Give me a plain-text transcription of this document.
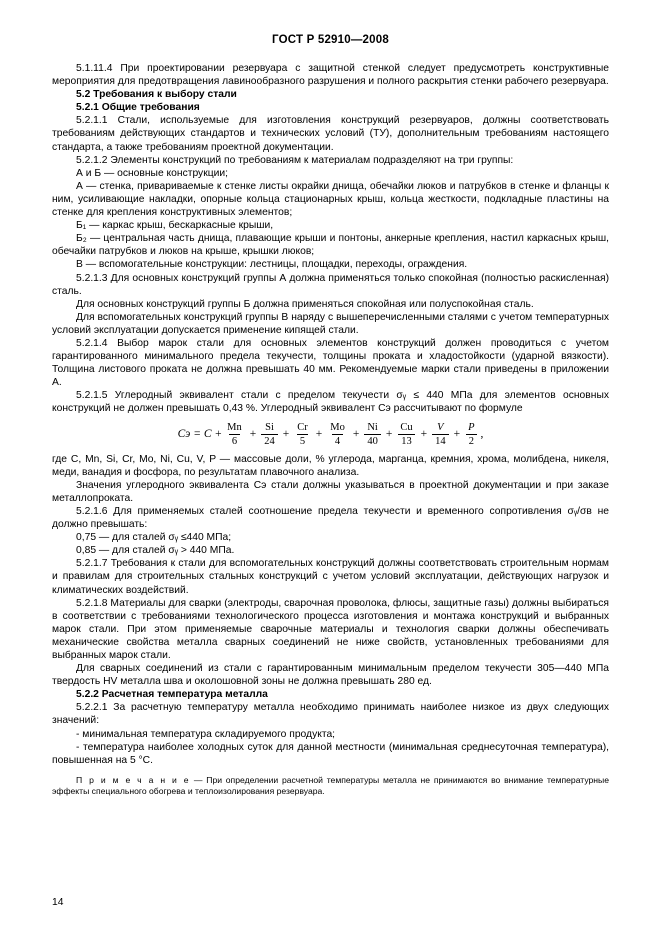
ГОСТ Р 52910—2008

5.1.11.4 При проектировании резервуара с защитной стенкой следует предусмотреть конструктивные мероприятия для предотвращения лавинообразного разрушения и полного раскрытия стенки рабочего резервуара.

5.2 Требования к выбору стали
5.2.1 Общие требования

5.2.1.1 Стали, используемые для изготовления конструкций резервуаров, должны соответствовать требованиям действующих стандартов и технических условий (ТУ), дополнительным требованиям настоящего стандарта, а также требованиям проектной документации.

5.2.1.2 Элементы конструкций по требованиям к материалам подразделяют на три группы:

А и Б — основные конструкции;

А — стенка, привариваемые к стенке листы окрайки днища, обечайки люков и патрубков в стенке и фланцы к ним, усиливающие накладки, опорные кольца стационарных крыш, кольца жесткости, подкладные пластины на стенке для крепления конструктивных элементов;

Б₁ — каркас крыш, бескаркасные крыши,

Б₂ — центральная часть днища, плавающие крыши и понтоны, анкерные крепления, настил каркасных крыш, обечайки патрубков и люков на крыше, крышки люков;

В — вспомогательные конструкции: лестницы, площадки, переходы, ограждения.

5.2.1.3 Для основных конструкций группы А должна применяться только спокойная (полностью раскисленная) сталь.

Для основных конструкций группы Б должна применяться спокойная или полуспокойная сталь.

Для вспомогательных конструкций группы В наряду с вышеперечисленными сталями с учетом температурных условий эксплуатации допускается применение кипящей стали.

5.2.1.4 Выбор марок стали для основных элементов конструкций должен проводиться с учетом гарантированного минимального предела текучести, толщины проката и хладостойкости (ударной вязкости). Толщина листового проката не должна превышать 40 мм. Рекомендуемые марки стали приведены в приложении А.

5.2.1.5 Углеродный эквивалент стали с пределом текучести σᵧ ≤ 440 МПа для элементов основных конструкций не должен превышать 0,43 %. Углеродный эквивалент Cэ рассчитывают по формуле

Cэ = $C + \frac{Mn}{6} + \frac{Si}{24} + \frac{Cr}{5} + \frac{Mo}{4} + \frac{Ni}{40} + \frac{Cu}{13} + \frac{V}{14} + \frac{P}{2}$ ,

где C, Mn, Si, Cr, Mo, Ni, Cu, V, P — массовые доли, % углерода, марганца, кремния, хрома, молибдена, никеля, меди, ванадия и фосфора, по результатам плавочного анализа.

Значения углеродного эквивалента Cэ стали должны указываться в проектной документации и при заказе металлопроката.

5.2.1.6 Для применяемых сталей соотношение предела текучести и временного сопротивления σᵧ/σв не должно превышать:

0,75 — для сталей σᵧ ≤440 МПа;

0,85 — для сталей σᵧ > 440 МПа.

5.2.1.7 Требования к стали для вспомогательных конструкций должны соответствовать строительным нормам и правилам для строительных стальных конструкций с учетом условий эксплуатации, действующих нагрузок и климатических воздействий.

5.2.1.8 Материалы для сварки (электроды, сварочная проволока, флюсы, защитные газы) должны выбираться в соответствии с требованиями технологического процесса изготовления и монтажа конструкций и выбранных марок стали. При этом применяемые сварочные материалы и технология сварки должны обеспечивать механические свойства металла сварных соединений не ниже свойств, установленных требованиями для выбранных марок стали.

Для сварных соединений из стали с гарантированным минимальным пределом текучести 305—440 МПа твердость HV металла шва и околошовной зоны не должна превышать 280 ед.

5.2.2 Расчетная температура металла

5.2.2.1 За расчетную температуру металла необходимо принимать наиболее низкое из двух следующих значений:

- минимальная температура складируемого продукта;

- температура наиболее холодных суток для данной местности (минимальная среднесуточная температура), повышенная на 5 °С.

П р и м е ч а н и е — При определении расчетной температуры металла не принимаются во внимание температурные эффекты специального обогрева и теплоизолирования резервуара.
14
